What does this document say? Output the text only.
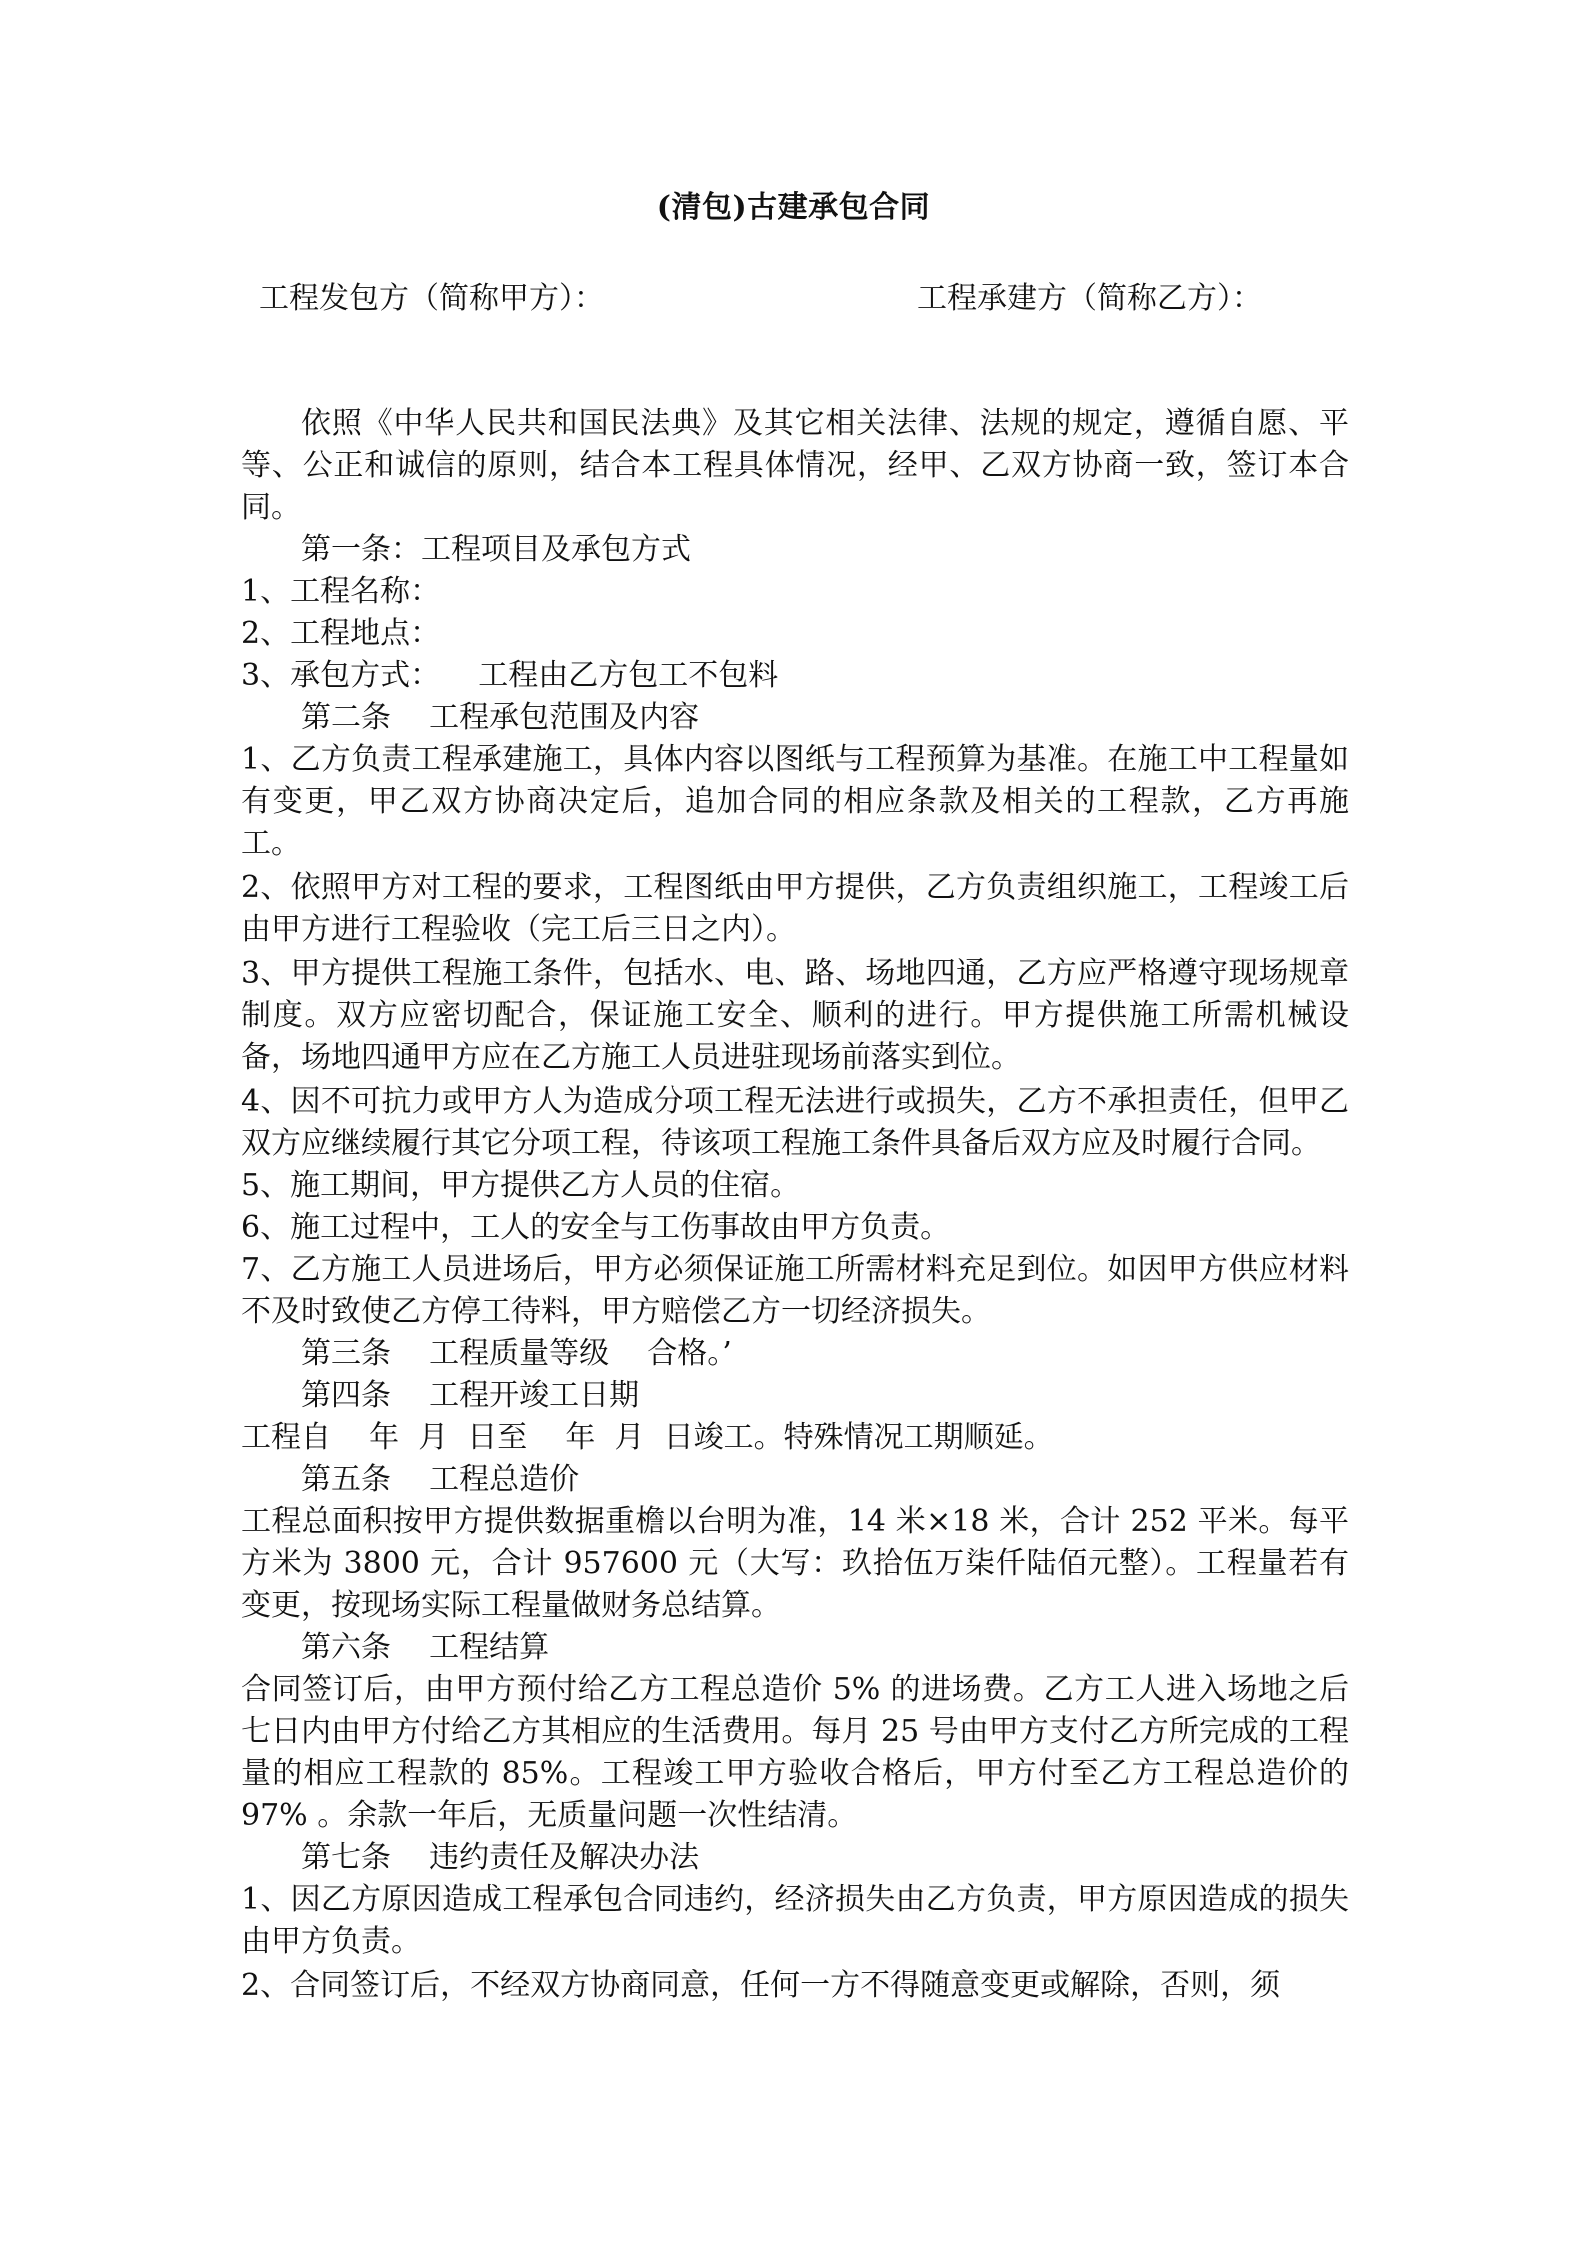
(清包)古建承包合同
工程发包方（简称甲方）：	工程承建方（简称乙方）：

依照《中华人民共和国民法典》及其它相关法律、法规的规定，遵循自愿、平等、公正和诚信的原则，结合本工程具体情况，经甲、乙双方协商一致，签订本合同。

第一条：工程项目及承包方式

1、工程名称：

2、工程地点：

3、承包方式：    工程由乙方包工不包料

第二条    工程承包范围及内容

1、乙方负责工程承建施工，具体内容以图纸与工程预算为基准。在施工中工程量如有变更，甲乙双方协商决定后，追加合同的相应条款及相关的工程款，乙方再施工。

2、依照甲方对工程的要求，工程图纸由甲方提供，乙方负责组织施工，工程竣工后由甲方进行工程验收（完工后三日之内）。

3、甲方提供工程施工条件，包括水、电、路、场地四通，乙方应严格遵守现场规章制度。双方应密切配合，保证施工安全、顺利的进行。甲方提供施工所需机械设备，场地四通甲方应在乙方施工人员进驻现场前落实到位。

4、因不可抗力或甲方人为造成分项工程无法进行或损失，乙方不承担责任，但甲乙双方应继续履行其它分项工程，待该项工程施工条件具备后双方应及时履行合同。

5、施工期间，甲方提供乙方人员的住宿。

6、施工过程中，工人的安全与工伤事故由甲方负责。

7、乙方施工人员进场后，甲方必须保证施工所需材料充足到位。如因甲方供应材料不及时致使乙方停工待料，甲方赔偿乙方一切经济损失。

第三条    工程质量等级    合格。’

第四条    工程开竣工日期

工程自    年  月  日至    年  月  日竣工。特殊情况工期顺延。

第五条    工程总造价

工程总面积按甲方提供数据重檐以台明为准，14 米×18 米，合计 252 平米。每平方米为 3800 元，合计 957600 元（大写：玖拾伍万柒仟陆佰元整）。工程量若有变更，按现场实际工程量做财务总结算。

第六条    工程结算

合同签订后，由甲方预付给乙方工程总造价 5% 的进场费。乙方工人进入场地之后七日内由甲方付给乙方其相应的生活费用。每月 25 号由甲方支付乙方所完成的工程量的相应工程款的 85%。工程竣工甲方验收合格后，甲方付至乙方工程总造价的 97% 。余款一年后，无质量问题一次性结清。

第七条    违约责任及解决办法

1、因乙方原因造成工程承包合同违约，经济损失由乙方负责，甲方原因造成的损失由甲方负责。

2、合同签订后，不经双方协商同意，任何一方不得随意变更或解除，否则，须
